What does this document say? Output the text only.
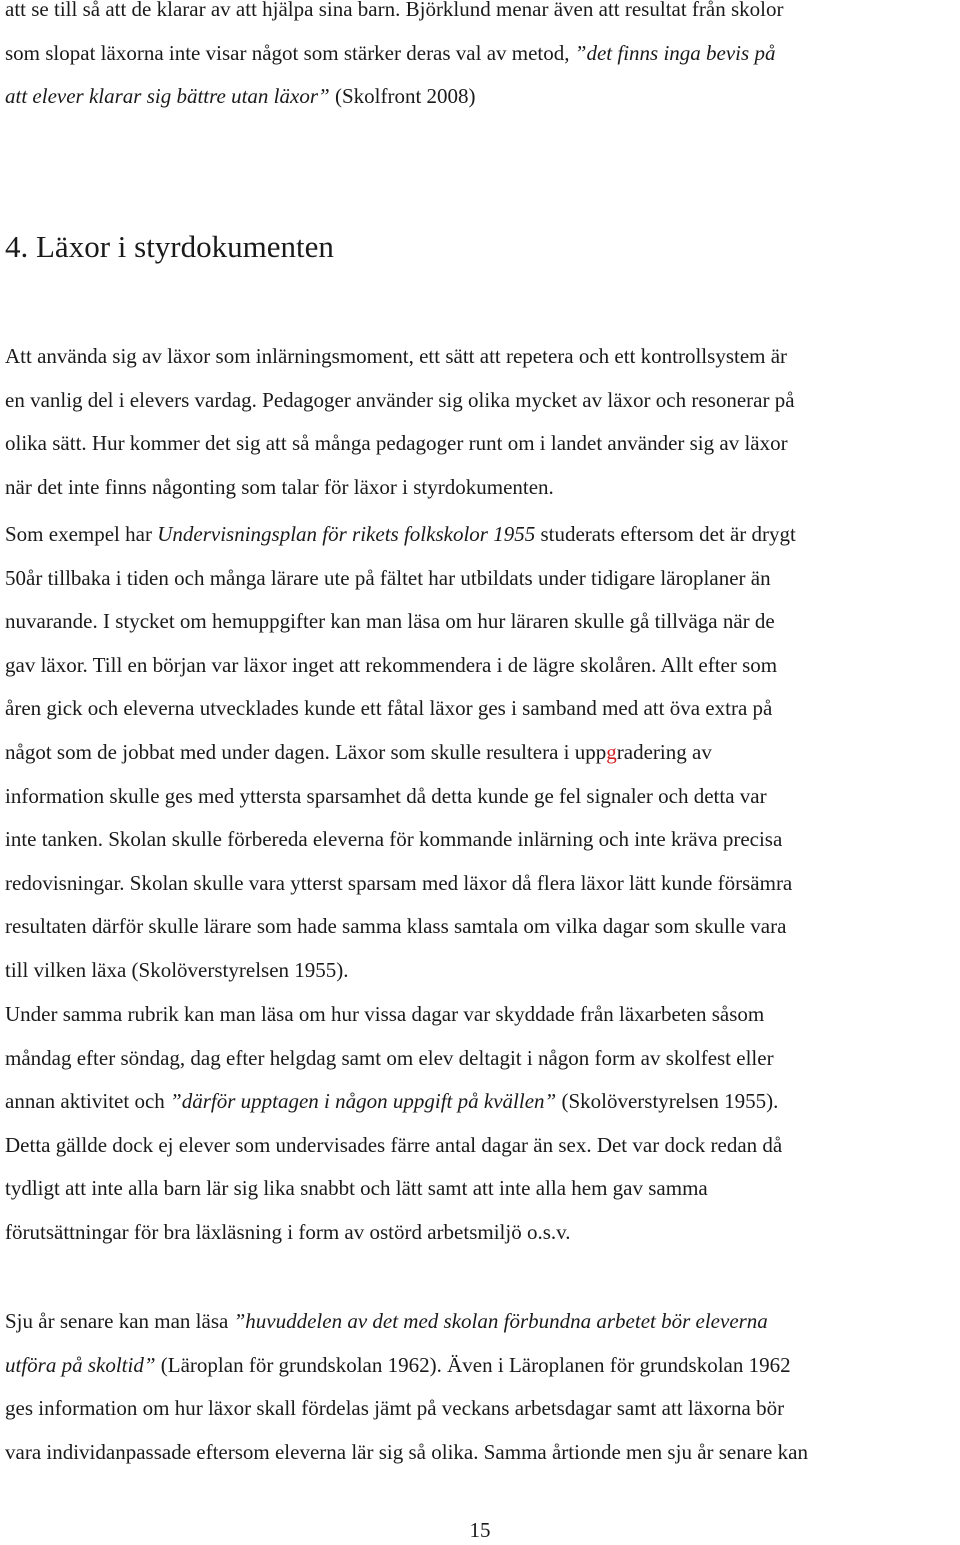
att se till så att de klarar av att hjälpa sina barn. Björklund menar även att resultat från skolor
som slopat läxorna inte visar något som stärker deras val av metod, ”det finns inga bevis på
att elever klarar sig bättre utan läxor” (Skolfront 2008)
4. Läxor i styrdokumenten
Att använda sig av läxor som inlärningsmoment, ett sätt att repetera och ett kontrollsystem är
en vanlig del i elevers vardag. Pedagoger använder sig olika mycket av läxor och resonerar på
olika sätt. Hur kommer det sig att så många pedagoger runt om i landet använder sig av läxor
när det inte finns någonting som talar för läxor i styrdokumenten.
Som exempel har Undervisningsplan för rikets folkskolor 1955 studerats eftersom det är drygt
50år tillbaka i tiden och många lärare ute på fältet har utbildats under tidigare läroplaner än
nuvarande. I stycket om hemuppgifter kan man läsa om hur läraren skulle gå tillväga när de
gav läxor. Till en början var läxor inget att rekommendera i de lägre skolåren. Allt efter som
åren gick och eleverna utvecklades kunde ett fåtal läxor ges i samband med att öva extra på
något som de jobbat med under dagen. Läxor som skulle resultera i uppgradering av
information skulle ges med yttersta sparsamhet då detta kunde ge fel signaler och detta var
inte tanken. Skolan skulle förbereda eleverna för kommande inlärning och inte kräva precisa
redovisningar. Skolan skulle vara ytterst sparsam med läxor då flera läxor lätt kunde försämra
resultaten därför skulle lärare som hade samma klass samtala om vilka dagar som skulle vara
till vilken läxa (Skolöverstyrelsen 1955).
Under samma rubrik kan man läsa om hur vissa dagar var skyddade från läxarbeten såsom
måndag efter söndag, dag efter helgdag samt om elev deltagit i någon form av skolfest eller
annan aktivitet och ”därför upptagen i någon uppgift på kvällen” (Skolöverstyrelsen 1955).
Detta gällde dock ej elever som undervisades färre antal dagar än sex. Det var dock redan då
tydligt att inte alla barn lär sig lika snabbt och lätt samt att inte alla hem gav samma
förutsättningar för bra läxläsning i form av ostörd arbetsmiljö o.s.v.
Sju år senare kan man läsa ”huvuddelen av det med skolan förbundna arbetet bör eleverna
utföra på skoltid” (Läroplan för grundskolan 1962). Även i Läroplanen för grundskolan 1962
ges information om hur läxor skall fördelas jämt på veckans arbetsdagar samt att läxorna bör
vara individanpassade eftersom eleverna lär sig så olika. Samma årtionde men sju år senare kan
15
